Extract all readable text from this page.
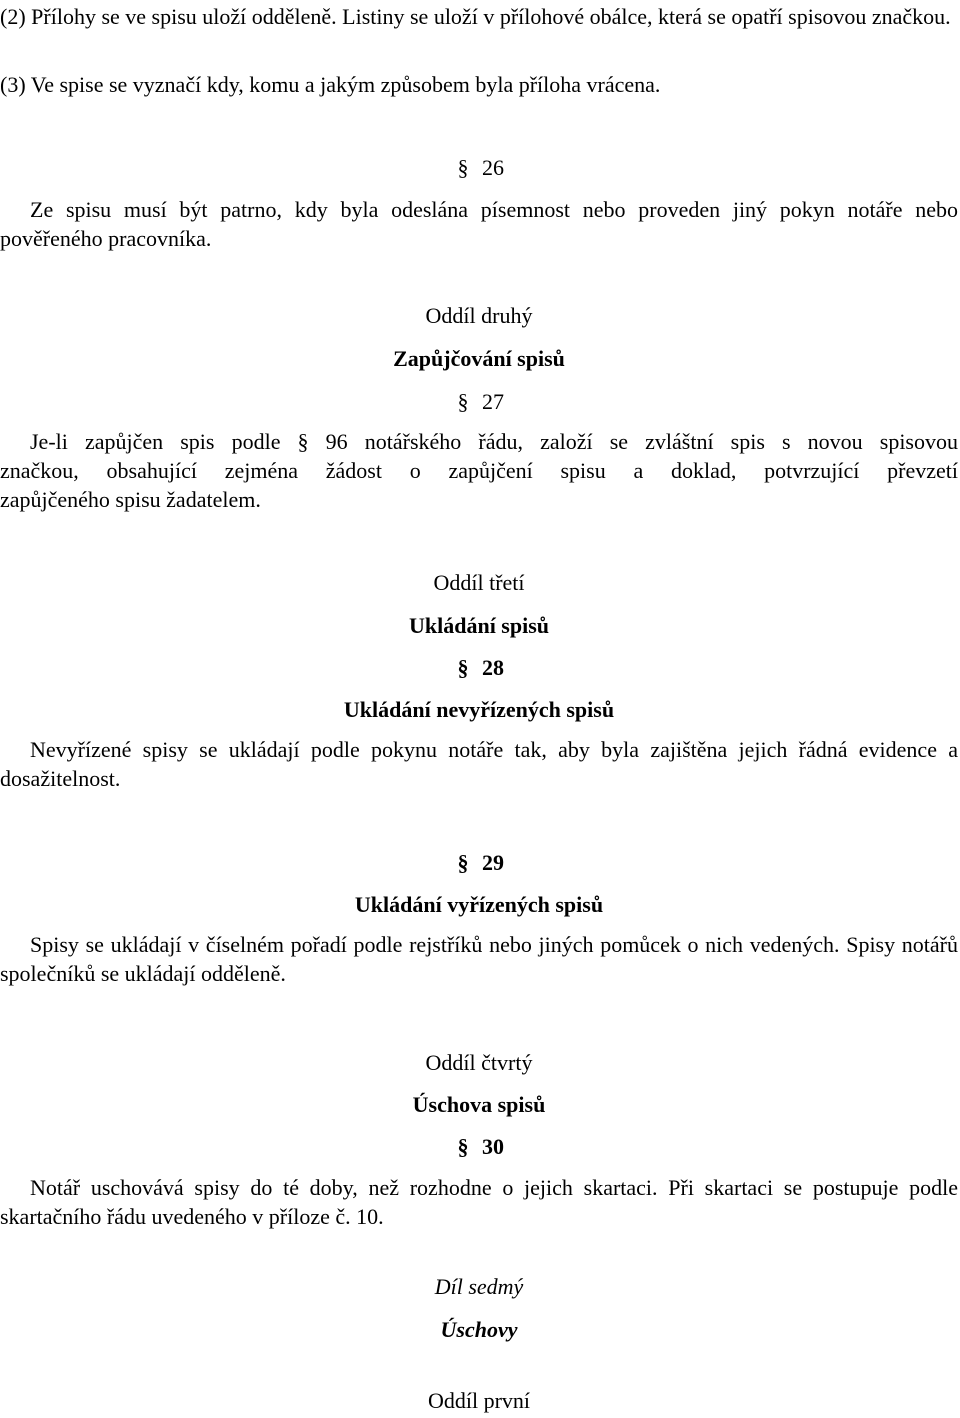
(2) Přílohy se ve spisu uloží odděleně. Listiny se uloží v přílohové obálce, která se opatří spisovou značkou.

(3) Ve spise se vyznačí kdy, komu a jakým způsobem byla příloha vrácena.

§ 26

Ze spisu musí být patrno, kdy byla odeslána písemnost nebo proveden jiný pokyn notáře nebo pověřeného pracovníka.

Oddíl druhý
Zapůjčování spisů
§ 27
Je-li zapůjčen spis podle § 96 notářského řádu, založí se zvláštní spis s novou spisovou
značkou, obsahující zejména žádost o zapůjčení spisu a doklad, potvrzující převzetí
zapůjčeného spisu žadatelem.
Oddíl třetí
Ukládání spisů
§ 28
Ukládání nevyřízených spisů

Nevyřízené spisy se ukládají podle pokynu notáře tak, aby byla zajištěna jejich řádná evidence a dosažitelnost.

§ 29
Ukládání vyřízených spisů

Spisy se ukládají v číselném pořadí podle rejstříků nebo jiných pomůcek o nich vedených. Spisy notářů společníků se ukládají odděleně.

Oddíl čtvrtý
Úschova spisů
§ 30

Notář uschovává spisy do té doby, než rozhodne o jejich skartaci. Při skartaci se postupuje podle skartačního řádu uvedeného v příloze č. 10.

Díl sedmý
Úschovy
Oddíl první
